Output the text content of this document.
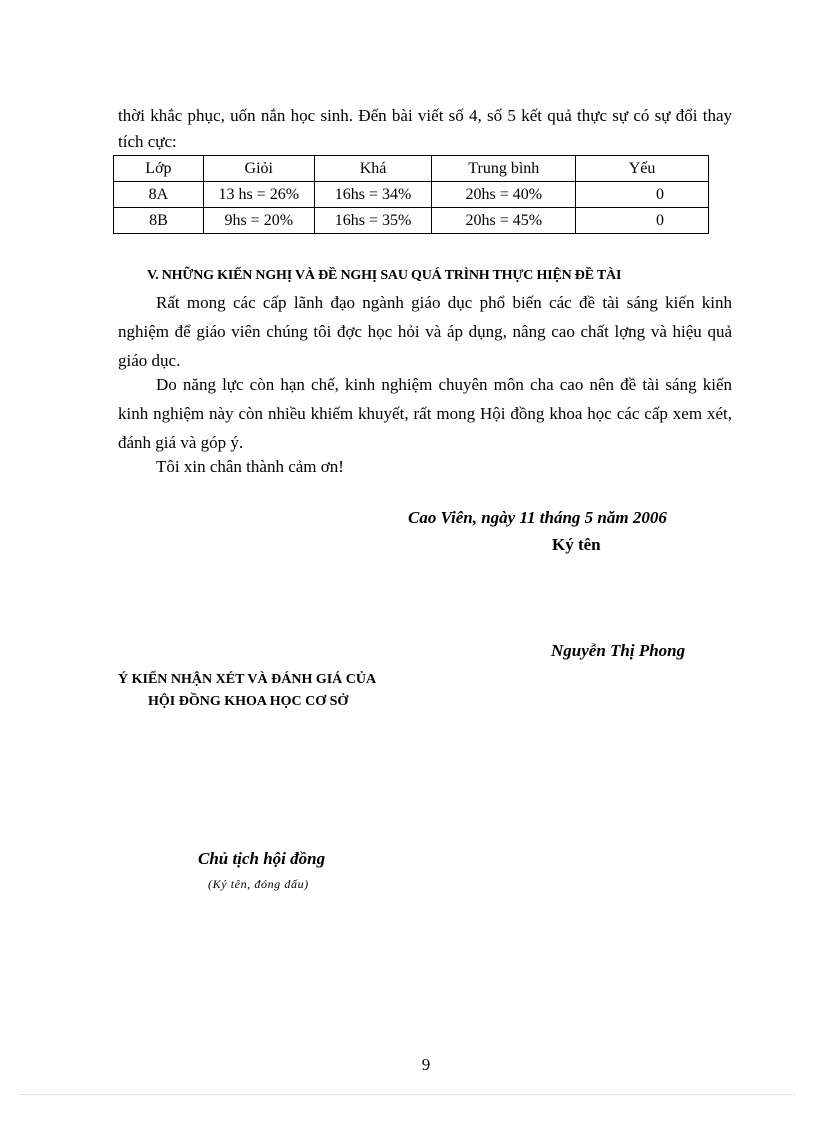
thời khắc phục, uốn nắn học sinh. Đến bài viết số 4, số 5 kết quả thực sự có sự đổi thay tích cực:
Lớp	Giỏi	Khá	Trung bình	Yếu
8A	13 hs = 26%	16hs = 34%	20hs = 40%	0
8B	9hs = 20%	16hs = 35%	20hs = 45%	0
V. NHỮNG KIẾN NGHỊ VÀ ĐỀ NGHỊ SAU QUÁ TRÌNH THỰC HIỆN ĐỀ TÀI
Rất mong các cấp lãnh đạo ngành giáo dục phổ biến các đề tài sáng kiến kinh nghiệm để giáo viên chúng tôi đợc học hỏi và áp dụng, nâng cao chất lợng và hiệu quả giáo dục.
Do năng lực còn hạn chế, kinh nghiệm chuyên môn cha cao nên đề tài sáng kiến kinh nghiệm này còn nhiều khiếm khuyết, rất mong Hội đồng khoa học các cấp xem xét, đánh giá và góp ý.
Tôi xin chân thành cảm ơn!
Cao Viên, ngày 11 tháng 5 năm 2006
Ký tên
Nguyễn Thị Phong
Ý KIẾN NHẬN XÉT VÀ ĐÁNH GIÁ CỦA
HỘI ĐỒNG KHOA HỌC CƠ SỞ
Chủ tịch hội đồng
(Ký tên, đóng dấu)
9
